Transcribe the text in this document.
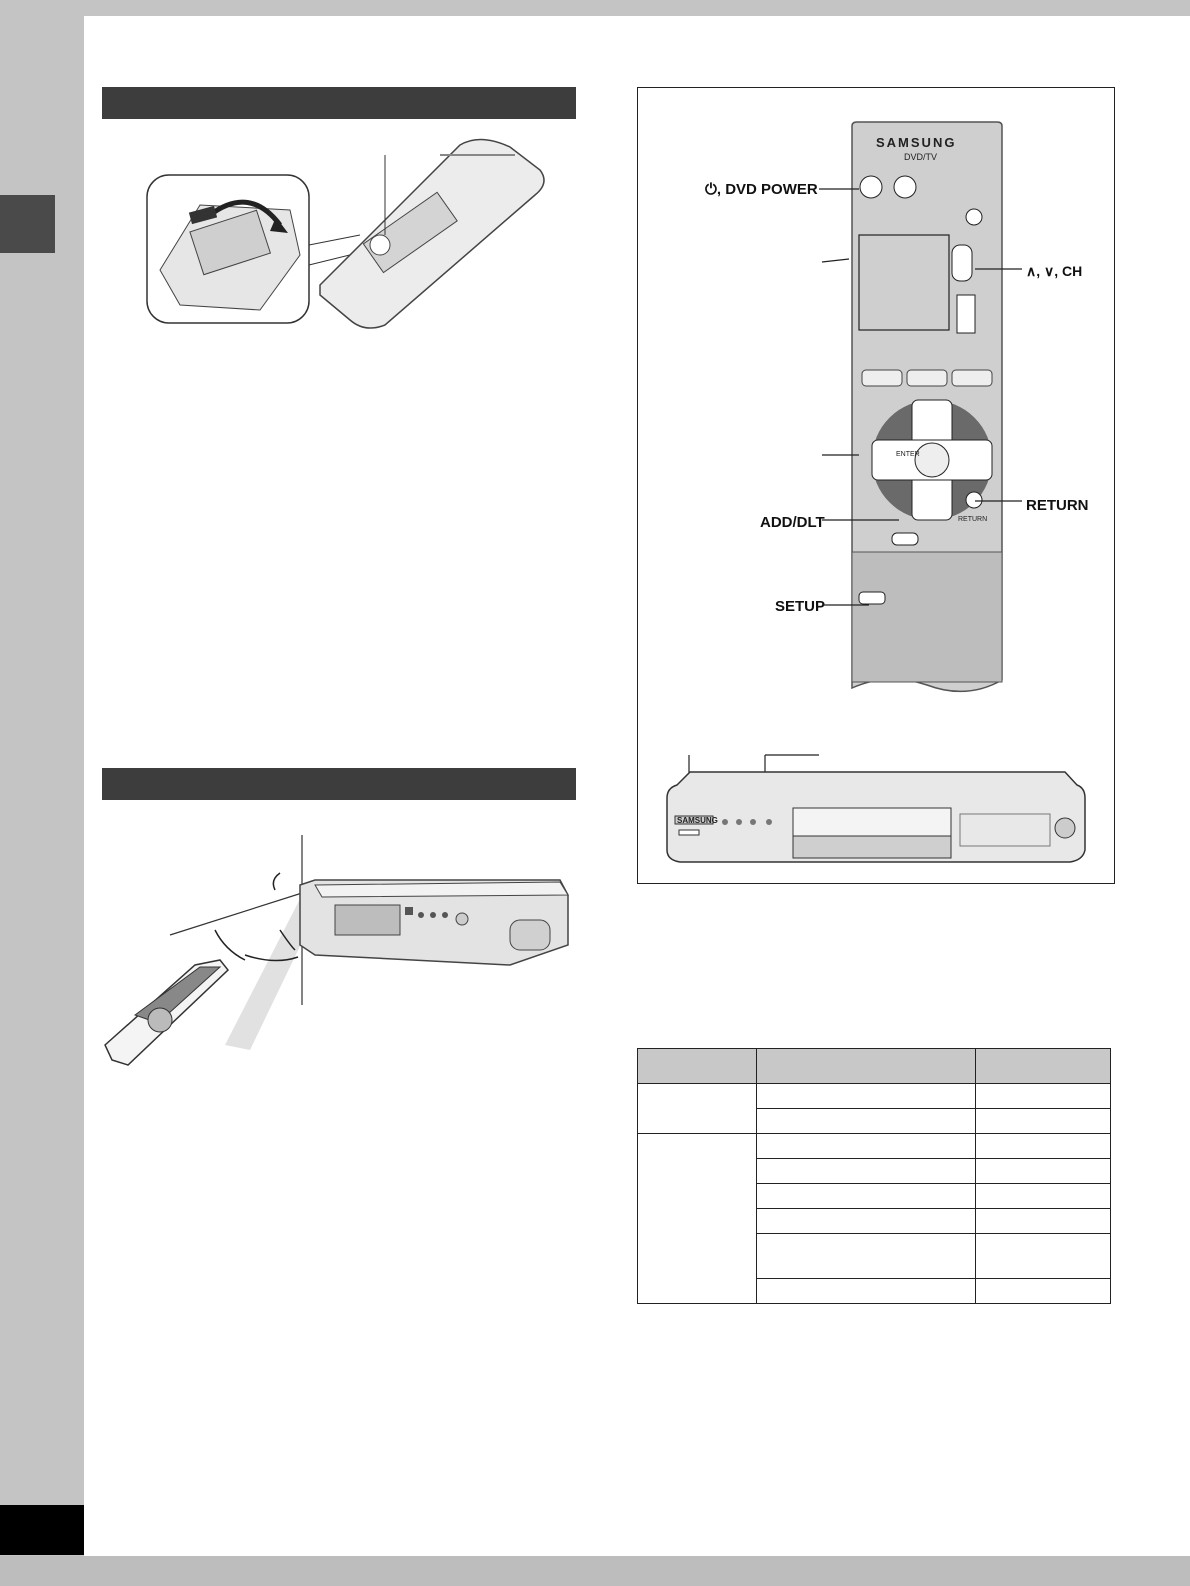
SAMSUNG
DVD/TV
ENTER
RETURN
⏻, DVD POWER
∧, ∨, CH
RETURN
ADD/DLT
SETUP
SAMSUNG
